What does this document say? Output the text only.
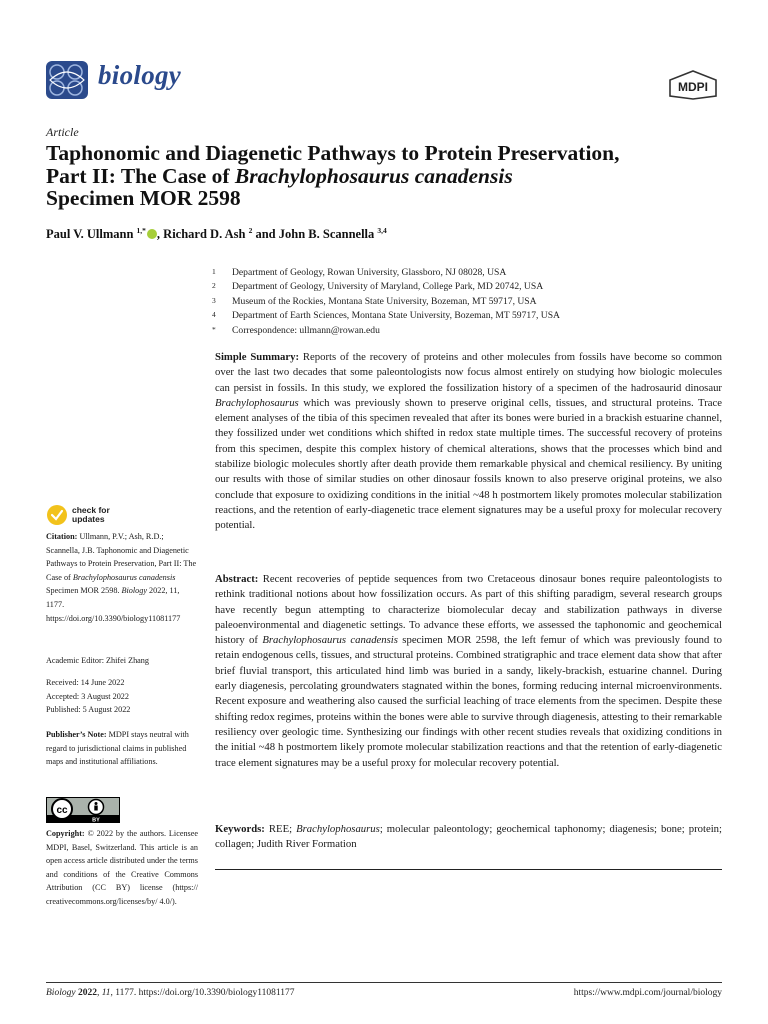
biology	MDPI
Article
Taphonomic and Diagenetic Pathways to Protein Preservation,
Part II: The Case of Brachylophosaurus canadensis
Specimen MOR 2598
Paul V. Ullmann $^{1,*}$ , Richard D. Ash $^2$ and John B. Scannella $^{3,4}$
1	Department of Geology, Rowan University, Glassboro, NJ 08028, USA
2	Department of Geology, University of Maryland, College Park, MD 20742, USA
3	Museum of the Rockies, Montana State University, Bozeman, MT 59717, USA
4	Department of Earth Sciences, Montana State University, Bozeman, MT 59717, USA
*	Correspondence: ullmann@rowan.edu
Simple Summary: Reports of the recovery of proteins and other molecules from fossils have become so common over the last two decades that some paleontologists now focus almost entirely on studying how biologic molecules can persist in fossils. In this study, we explored the fossilization history of a specimen of the hadrosaurid dinosaur Brachylophosaurus which was previously shown to preserve original cells, tissues, and structural proteins. Trace element analyses of the tibia of this specimen revealed that after its bones were buried in a brackish estuarine channel, they fossilized under wet conditions which shifted in redox state multiple times. The successful recovery of proteins from this specimen, despite this complex history of chemical alterations, shows that the processes which bind and stabilize biologic molecules shortly after death provide them remarkable physical and chemical resiliency. By uniting our results with those of similar studies on other dinosaur fossils known to also preserve original proteins, we also conclude that exposure to oxidizing conditions in the initial ~48 h postmortem likely promotes molecular stabilization reactions, and the retention of early-diagenetic trace element signatures may be a useful proxy for molecular recovery potential.
Abstract: Recent recoveries of peptide sequences from two Cretaceous dinosaur bones require paleontologists to rethink traditional notions about how fossilization occurs. As part of this shifting paradigm, several research groups have recently begun attempting to characterize biomolecular decay and stabilization pathways in diverse paleoenvironmental and diagenetic settings. To advance these efforts, we assessed the taphonomic and geochemical history of Brachylophosaurus canadensis specimen MOR 2598, the left femur of which was previously found to retain endogenous cells, tissues, and structural proteins. Combined stratigraphic and trace element data show that after brief fluvial transport, this articulated hind limb was buried in a sandy, likely-brackish, estuarine channel. During early diagenesis, percolating groundwaters stagnated within the bones, forming reducing internal microenvironments. Recent exposure and weathering also caused the surficial leaching of trace elements from the specimen. Despite these shifting redox regimes, proteins within the bones were able to survive through diagenesis, attesting to their remarkable resiliency over geologic time. Synthesizing our findings with other recent studies reveals that oxidizing conditions in the initial ~48 h postmortem likely promote molecular stabilization reactions and that the retention of early-diagenetic trace element signatures may be a useful proxy for molecular recovery potential.
Keywords: REE; Brachylophosaurus; molecular paleontology; geochemical taphonomy; diagenesis; bone; protein; collagen; Judith River Formation
check for
updates
Citation: Ullmann, P.V.; Ash, R.D.; Scannella, J.B. Taphonomic and Diagenetic Pathways to Protein Preservation, Part II: The Case of Brachylophosaurus canadensis Specimen MOR 2598. Biology 2022, 11, 1177. https://doi.org/10.3390/biology11081177
Academic Editor: Zhifei Zhang
Received: 14 June 2022
Accepted: 3 August 2022
Published: 5 August 2022
Publisher’s Note: MDPI stays neutral with regard to jurisdictional claims in published maps and institutional affiliations.
cc
BY
Copyright: © 2022 by the authors. Licensee MDPI, Basel, Switzerland. This article is an open access article distributed under the terms and conditions of the Creative Commons Attribution (CC BY) license (https:// creativecommons.org/licenses/by/ 4.0/).
Biology 2022, 11, 1177. https://doi.org/10.3390/biology11081177	https://www.mdpi.com/journal/biology
